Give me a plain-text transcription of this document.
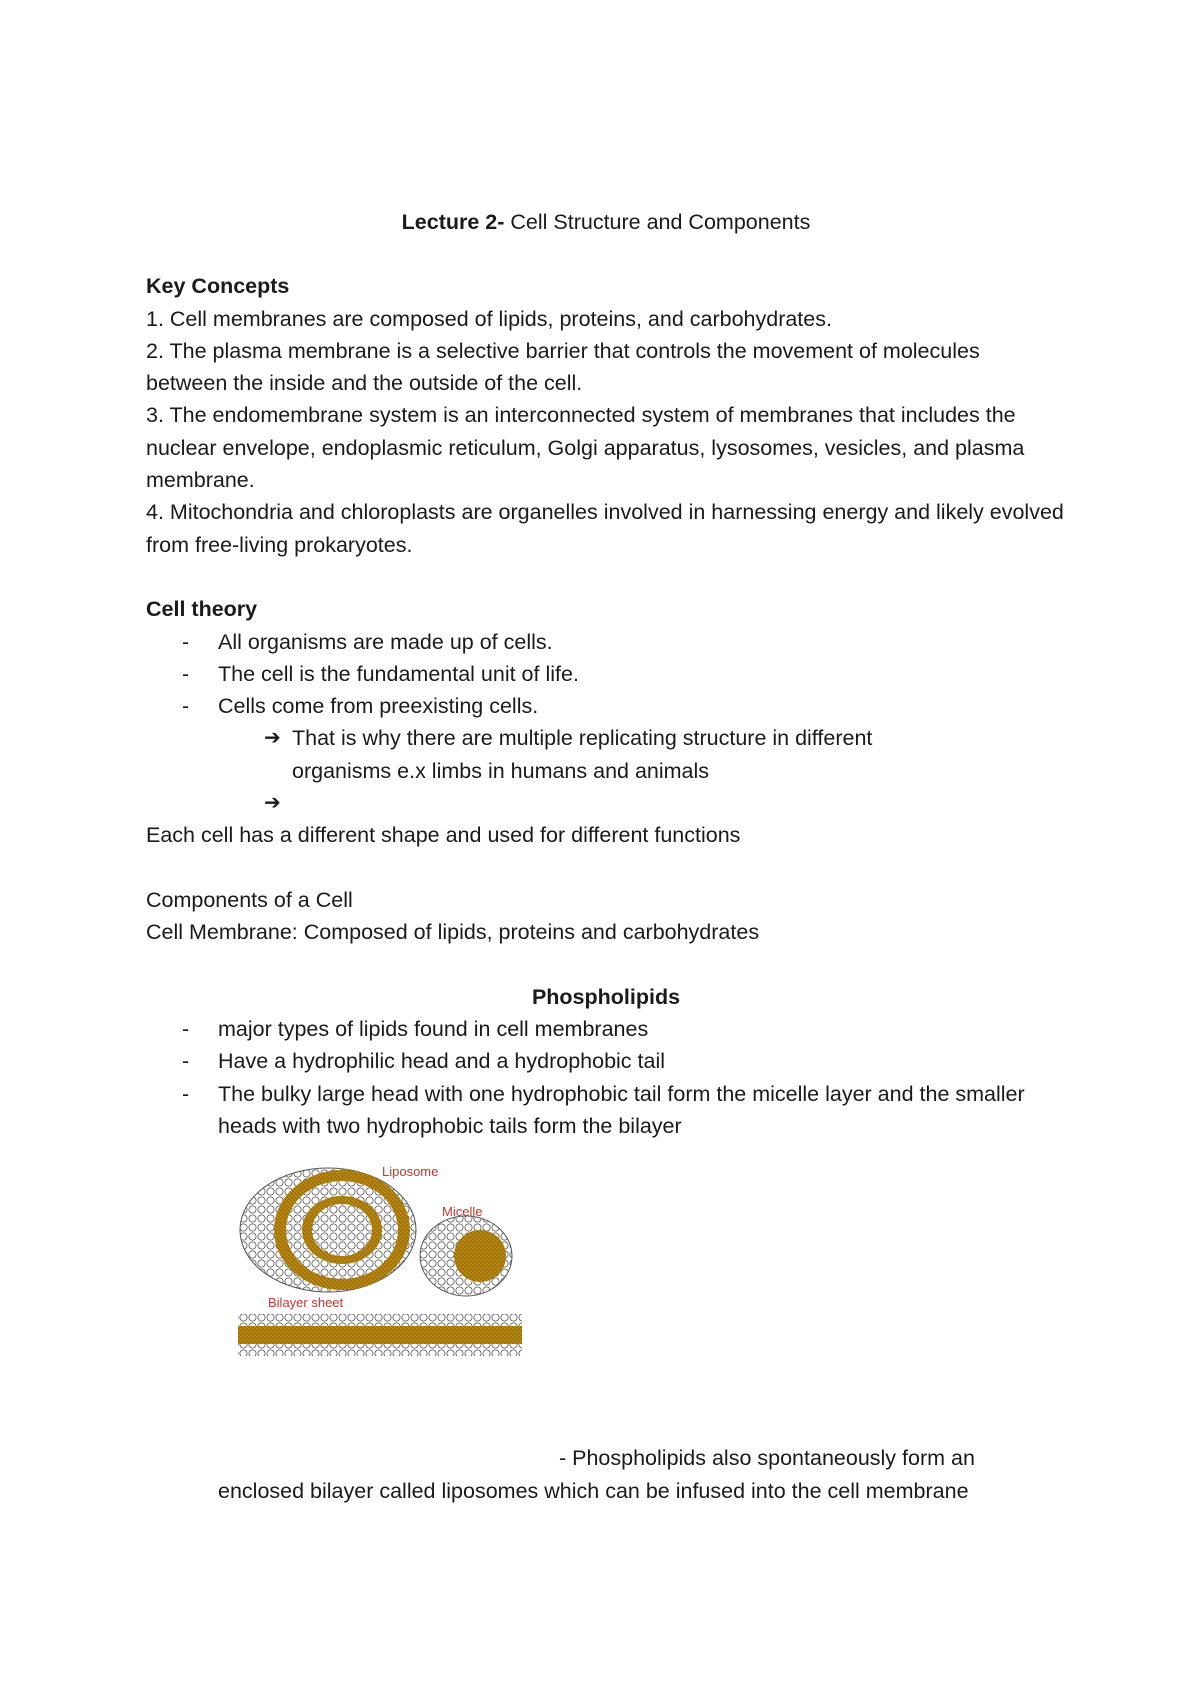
Lecture 2- Cell Structure and Components

Key Concepts

1. Cell membranes are composed of lipids, proteins, and carbohydrates.

2. The plasma membrane is a selective barrier that controls the movement of molecules between the inside and the outside of the cell.

3. The endomembrane system is an interconnected system of membranes that includes the nuclear envelope, endoplasmic reticulum, Golgi apparatus, lysosomes, vesicles, and plasma membrane.

4. Mitochondria and chloroplasts are organelles involved in harnessing energy and likely evolved from free-living prokaryotes.

Cell theory

- All organisms are made up of cells.

- The cell is the fundamental unit of life.

- Cells come from preexisting cells.

➔ That is why there are multiple replicating structure in different organisms e.x limbs in humans and animals

➔

Each cell has a different shape and used for different functions

Components of a Cell

Cell Membrane: Composed of lipids, proteins and carbohydrates

Phospholipids

- major types of lipids found in cell membranes

- Have a hydrophilic head and a hydrophobic tail

- The bulky large head with one hydrophobic tail form the micelle layer and the smaller heads with two hydrophobic tails form the bilayer

Liposome
Micelle
Bilayer sheet

- Phospholipids also spontaneously form an enclosed bilayer called liposomes which can be infused into the cell membrane
